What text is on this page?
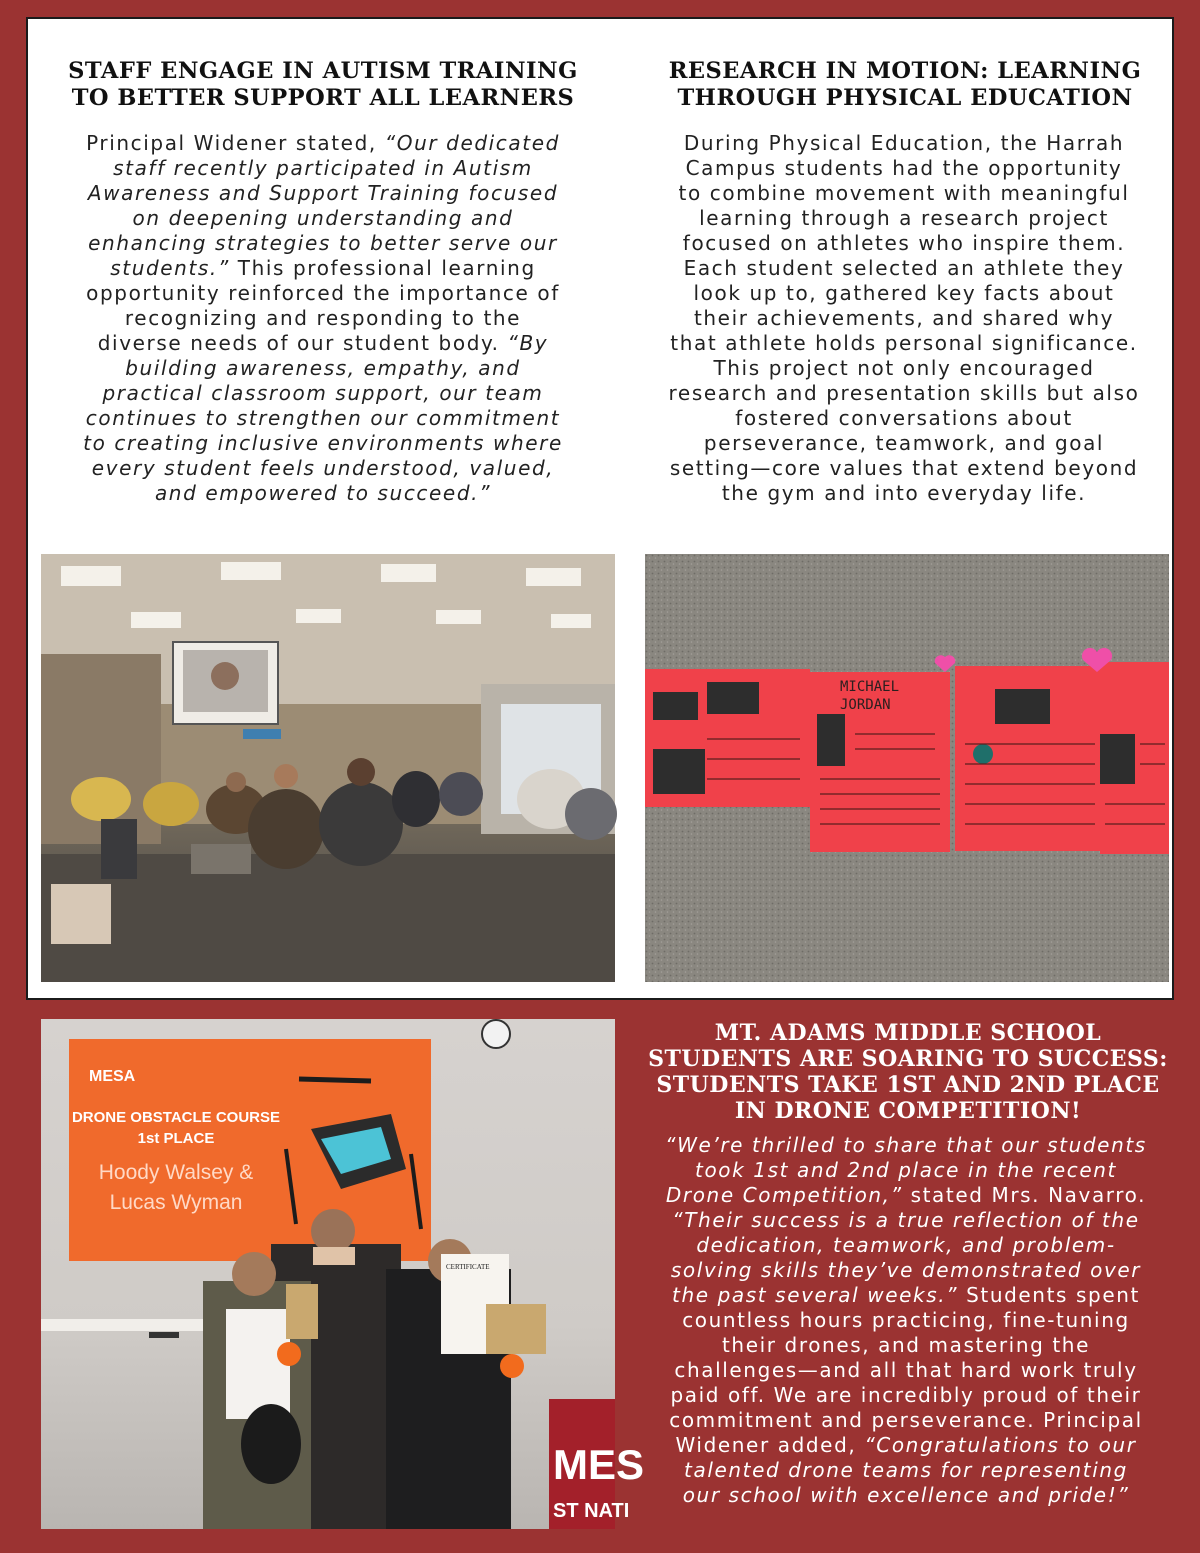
STAFF ENGAGE IN AUTISM TRAINING
TO BETTER SUPPORT ALL LEARNERS
Principal Widener stated, “Our dedicated
staff recently participated in Autism
Awareness and Support Training focused
on deepening understanding and
enhancing strategies to better serve our
students.” This professional learning
opportunity reinforced the importance of
recognizing and responding to the
diverse needs of our student body. “By
building awareness, empathy, and
practical classroom support, our team
continues to strengthen our commitment
to creating inclusive environments where
every student feels understood, valued,
and empowered to succeed.”
RESEARCH IN MOTION: LEARNING
THROUGH PHYSICAL EDUCATION
During Physical Education, the Harrah
Campus students had the opportunity
to combine movement with meaningful
learning through a research project
focused on athletes who inspire them.
Each student selected an athlete they
look up to, gathered key facts about
their achievements, and shared why
that athlete holds personal significance.
This project not only encouraged
research and presentation skills but also
fostered conversations about
perseverance, teamwork, and goal
setting—core values that extend beyond
the gym and into everyday life.
MICHAEL
JORDAN
MESA
DRONE OBSTACLE COURSE
1st PLACE
Hoody Walsey &
Lucas Wyman
MES
ST NATI
CERTIFICATE
MT. ADAMS MIDDLE SCHOOL
STUDENTS ARE SOARING TO SUCCESS:
STUDENTS TAKE 1ST AND 2ND PLACE
IN DRONE COMPETITION!
“We’re thrilled to share that our students
took 1st and 2nd place in the recent
Drone Competition,” stated Mrs. Navarro.
“Their success is a true reflection of the
dedication, teamwork, and problem-
solving skills they’ve demonstrated over
the past several weeks.” Students spent
countless hours practicing, fine-tuning
their drones, and mastering the
challenges—and all that hard work truly
paid off. We are incredibly proud of their
commitment and perseverance. Principal
Widener added, “Congratulations to our
talented drone teams for representing
our school with excellence and pride!”
